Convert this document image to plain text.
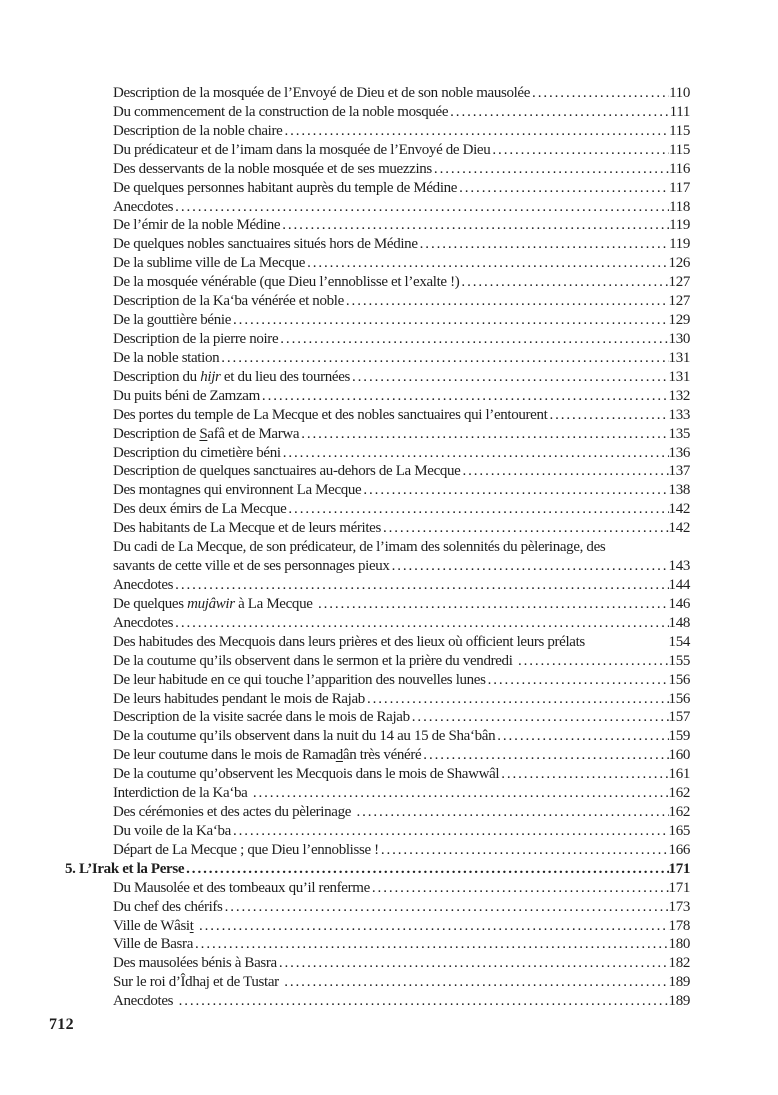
Description de la mosquée de l’Envoyé de Dieu et de son noble mausolée .....	110
Du commencement de la construction de la noble mosquée .....	111
Description de la noble chaire .....	115
Du prédicateur et de l’imam dans la mosquée de l’Envoyé de Dieu .....	115
Des desservants de la noble mosquée et de ses muezzins .....	116
De quelques personnes habitant auprès du temple de Médine .....	117
Anecdotes .....	118
De l’émir de la noble Médine .....	119
De quelques nobles sanctuaires situés hors de Médine .....	119
De la sublime ville de La Mecque .....	126
De la mosquée vénérable (que Dieu l’ennoblisse et l’exalte !) .....	127
Description de la Ka‘ba vénérée et noble .....	127
De la gouttière bénie .....	129
Description de la pierre noire .....	130
De la noble station .....	131
Description du hijr et du lieu des tournées .....	131
Du puits béni de Zamzam .....	132
Des portes du temple de La Mecque et des nobles sanctuaires qui l’entourent .....	133
Description de Safâ et de Marwa .....	135
Description du cimetière béni .....	136
Description de quelques sanctuaires au-dehors de La Mecque .....	137
Des montagnes qui environnent La Mecque .....	138
Des deux émirs de La Mecque .....	142
Des habitants de La Mecque et de leurs mérites .....	142
Du cadi de La Mecque, de son prédicateur, de l’imam des solennités du pèlerinage, des
savants de cette ville et de ses personnages pieux .....	143
Anecdotes .....	144
De quelques mujâwir à La Mecque .....	146
Anecdotes .....	148
Des habitudes des Mecquois dans leurs prières et des lieux où officient leurs prélats	154
De la coutume qu’ils observent dans le sermon et la prière du vendredi .....	155
De leur habitude en ce qui touche l’apparition des nouvelles lunes .....	156
De leurs habitudes pendant le mois de Rajab .....	156
Description de la visite sacrée dans le mois de Rajab .....	157
De la coutume qu’ils observent dans la nuit du 14 au 15 de Sha‘bân .....	159
De leur coutume dans le mois de Ramadân très vénéré .....	160
De la coutume qu’observent les Mecquois dans le mois de Shawwâl .....	161
Interdiction de la Ka‘ba .....	162
Des cérémonies et des actes du pèlerinage .....	162
Du voile de la Ka‘ba .....	165
Départ de La Mecque ; que Dieu l’ennoblisse ! .....	166
5. L’Irak et la Perse .....	171
Du Mausolée et des tombeaux qu’il renferme .....	171
Du chef des chérifs .....	173
Ville de Wâsit .....	178
Ville de Basra .....	180
Des mausolées bénis à Basra .....	182
Sur le roi d’Îdhaj et de Tustar .....	189
Anecdotes .....	189
712
